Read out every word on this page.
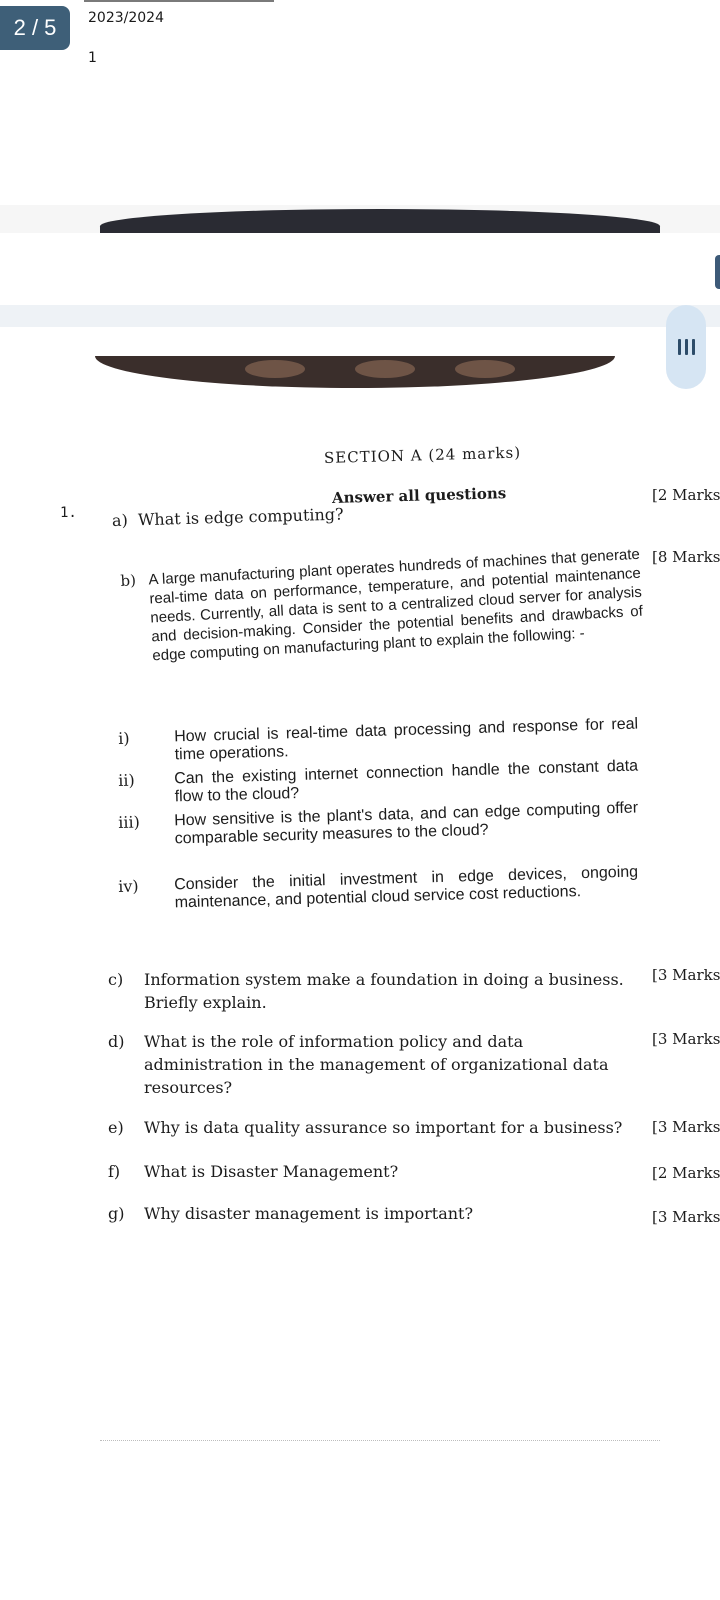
2 / 5	2023/2024
1
SECTION A (24 marks)
Answer all questions
1. a) What is edge computing?
[2 Marks
b) A large manufacturing plant operates hundreds of machines that generate real-time data on performance, temperature, and potential maintenance needs. Currently, all data is sent to a centralized cloud server for analysis and decision-making. Consider the potential benefits and drawbacks of edge computing on manufacturing plant to explain the following: -
[8 Marks
i)	How crucial is real-time data processing and response for real time operations.
ii) Can the existing internet connection handle the constant data flow to the cloud?
iii) How sensitive is the plant's data, and can edge computing offer comparable security measures to the cloud?
iv) Consider the initial investment in edge devices, ongoing maintenance, and potential cloud service cost reductions.
c) Information system make a foundation in doing a business. Briefly explain.
[3 Marks
d) What is the role of information policy and data administration in the management of organizational data resources?
[3 Marks
e) Why is data quality assurance so important for a business?	[3 Marks
f) What is Disaster Management?	[2 Marks
g) Why disaster management is important?	[3 Marks
